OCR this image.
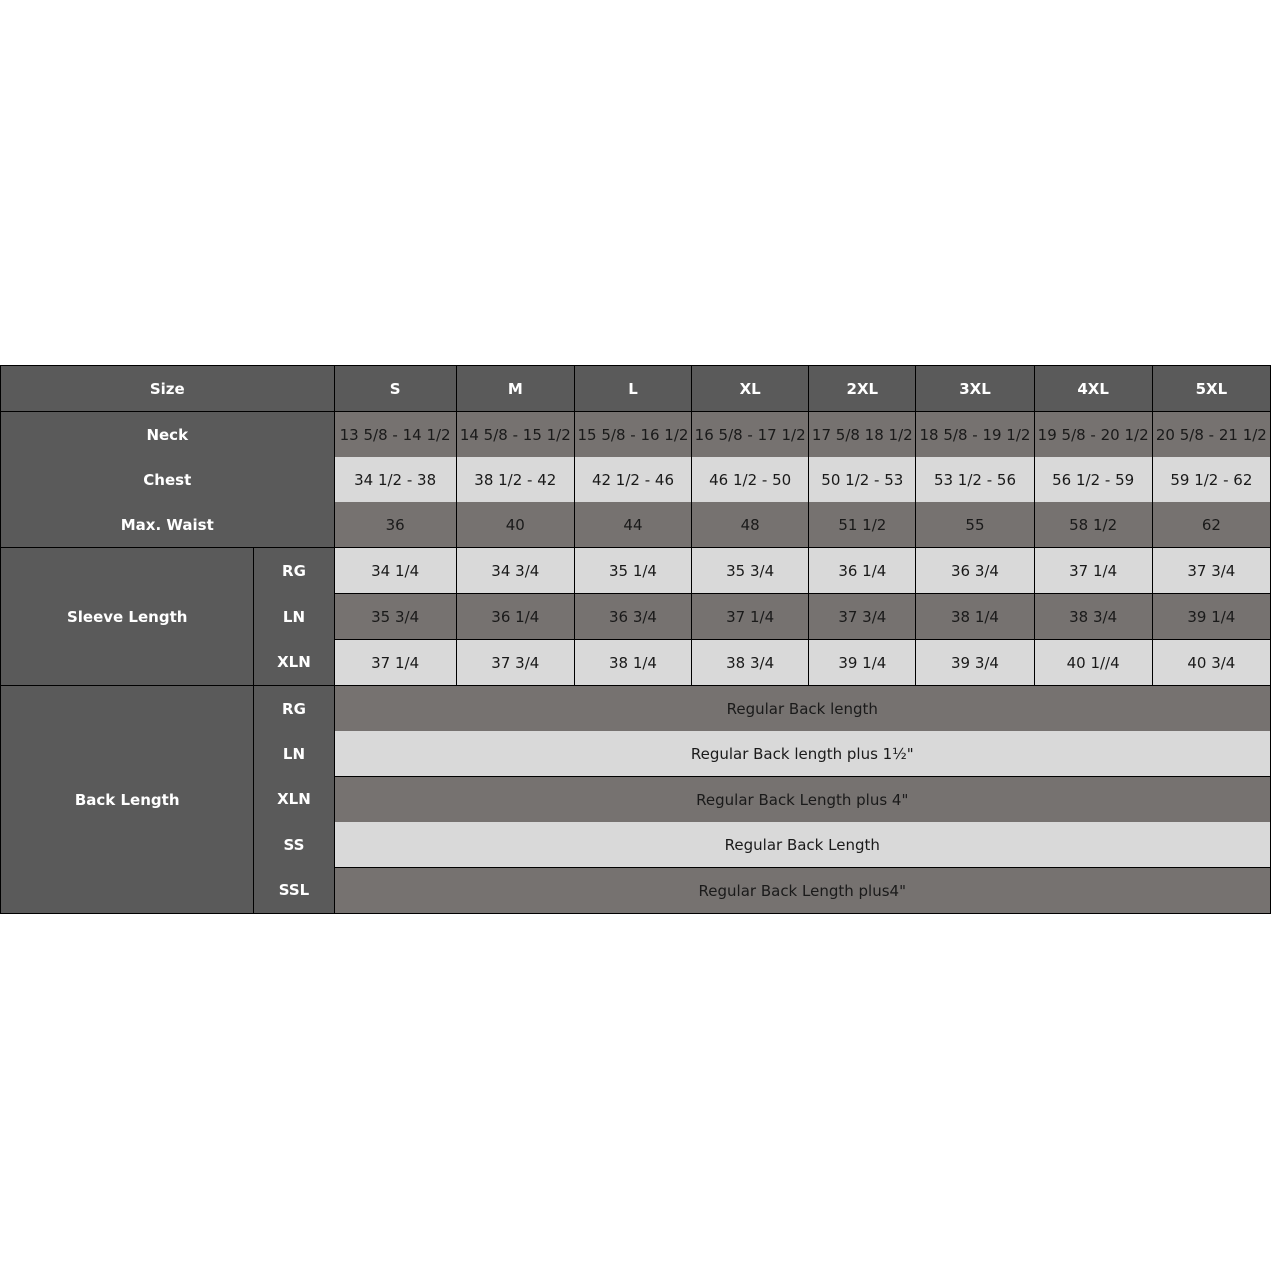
Size		S	M	L	XL	2XL	3XL	4XL	5XL
Neck		13 5/8 - 14 1/2	14 5/8 - 15 1/2	15 5/8 - 16 1/2	16 5/8 - 17 1/2	17 5/8 18 1/2	18 5/8 - 19 1/2	19 5/8 - 20 1/2	20 5/8 - 21 1/2
Chest		34 1/2 - 38	38 1/2 - 42	42 1/2 - 46	46 1/2 - 50	50 1/2 - 53	53 1/2 - 56	56 1/2 - 59	59 1/2 - 62
Max. Waist		36	40	44	48	51 1/2	55	58 1/2	62
Sleeve Length	RG	34 1/4	34 3/4	35 1/4	35 3/4	36 1/4	36 3/4	37 1/4	37 3/4
	LN	35 3/4	36 1/4	36 3/4	37 1/4	37 3/4	38 1/4	38 3/4	39 1/4
	XLN	37 1/4	37 3/4	38 1/4	38 3/4	39 1/4	39 3/4	40 1//4	40 3/4
Back Length	RG	Regular Back length							
	LN	Regular Back length plus 1½"							
	XLN	Regular Back Length plus 4"							
	SS	Regular Back Length							
	SSL	Regular Back Length plus4"							
